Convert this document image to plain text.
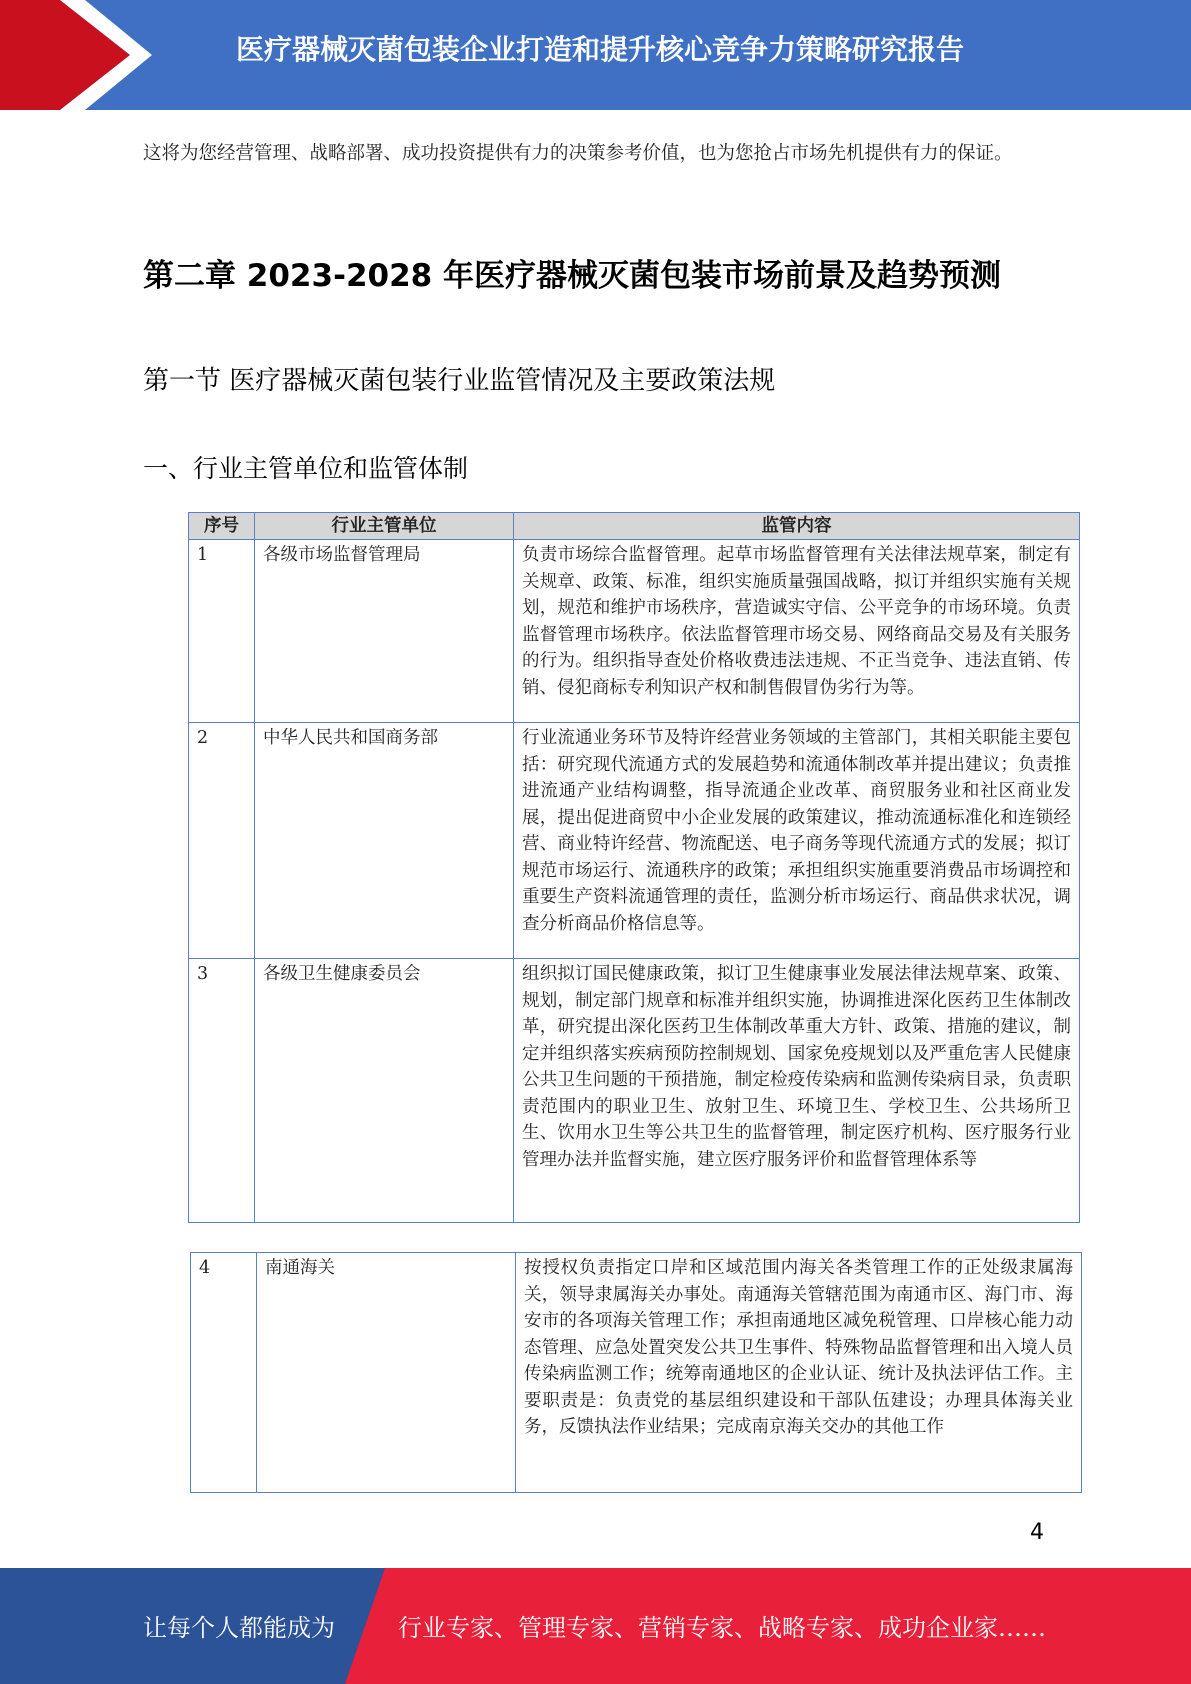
医疗器械灭菌包装企业打造和提升核心竞争力策略研究报告

这将为您经营管理、战略部署、成功投资提供有力的决策参考价值，也为您抢占市场先机提供有力的保证。

第二章 2023-2028 年医疗器械灭菌包装市场前景及趋势预测
第一节 医疗器械灭菌包装行业监管情况及主要政策法规
一、行业主管单位和监管体制
序号	行业主管单位	监管内容
1	各级市场监督管理局	负责市场综合监督管理。起草市场监督管理有关法律法规草案，制定有关规章、政策、标准，组织实施质量强国战略，拟订并组织实施有关规划，规范和维护市场秩序，营造诚实守信、公平竞争的市场环境。负责监督管理市场秩序。依法监督管理市场交易、网络商品交易及有关服务的行为。组织指导查处价格收费违法违规、不正当竞争、违法直销、传销、侵犯商标专利知识产权和制售假冒伪劣行为等。
2	中华人民共和国商务部	行业流通业务环节及特许经营业务领域的主管部门，其相关职能主要包括：研究现代流通方式的发展趋势和流通体制改革并提出建议；负责推进流通产业结构调整，指导流通企业改革、商贸服务业和社区商业发展，提出促进商贸中小企业发展的政策建议，推动流通标准化和连锁经营、商业特许经营、物流配送、电子商务等现代流通方式的发展；拟订规范市场运行、流通秩序的政策；承担组织实施重要消费品市场调控和重要生产资料流通管理的责任，监测分析市场运行、商品供求状况，调查分析商品价格信息等。
3	各级卫生健康委员会	组织拟订国民健康政策，拟订卫生健康事业发展法律法规草案、政策、规划，制定部门规章和标准并组织实施，协调推进深化医药卫生体制改革，研究提出深化医药卫生体制改革重大方针、政策、措施的建议，制定并组织落实疾病预防控制规划、国家免疫规划以及严重危害人民健康公共卫生问题的干预措施，制定检疫传染病和监测传染病目录，负责职责范围内的职业卫生、放射卫生、环境卫生、学校卫生、公共场所卫生、饮用水卫生等公共卫生的监督管理，制定医疗机构、医疗服务行业管理办法并监督实施，建立医疗服务评价和监督管理体系等
4	南通海关	按授权负责指定口岸和区域范围内海关各类管理工作的正处级隶属海关，领导隶属海关办事处。南通海关管辖范围为南通市区、海门市、海安市的各项海关管理工作；承担南通地区减免税管理、口岸核心能力动态管理、应急处置突发公共卫生事件、特殊物品监督管理和出入境人员传染病监测工作；统筹南通地区的企业认证、统计及执法评估工作。主要职责是：负责党的基层组织建设和干部队伍建设；办理具体海关业务，反馈执法作业结果；完成南京海关交办的其他工作
4
让每个人都能成为	行业专家、管理专家、营销专家、战略专家、成功企业家……
